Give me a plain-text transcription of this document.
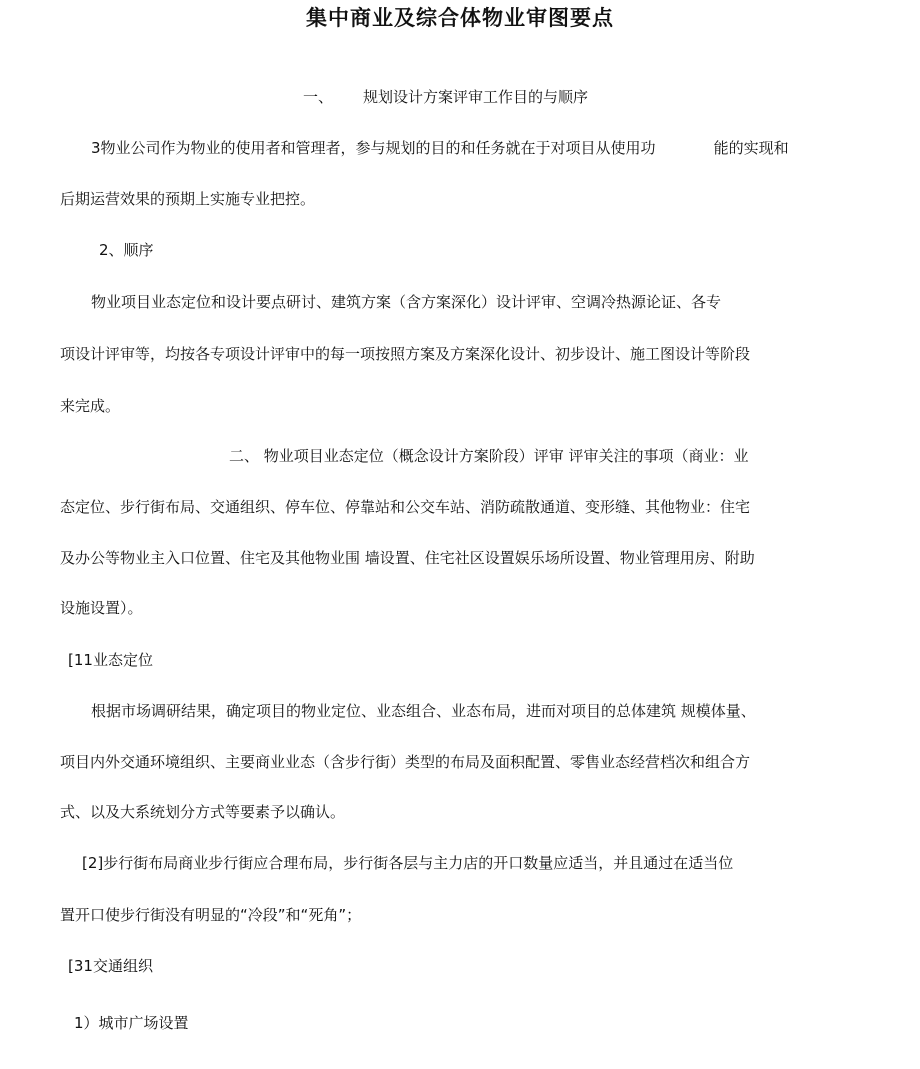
集中商业及综合体物业审图要点
一、 规划设计方案评审工作目的与顺序
3物业公司作为物业的使用者和管理者，参与规划的目的和任务就在于对项目从使用功	能的实现和
后期运营效果的预期上实施专业把控。
2、顺序
物业项目业态定位和设计要点研讨、建筑方案（含方案深化）设计评审、空调冷热源论证、各专
项设计评审等，均按各专项设计评审中的每一项按照方案及方案深化设计、初步设计、施工图设计等阶段
来完成。
二、 物业项目业态定位（概念设计方案阶段）评审 评审关注的事项（商业：业
态定位、步行街布局、交通组织、停车位、停靠站和公交车站、消防疏散通道、变形缝、其他物业：住宅
及办公等物业主入口位置、住宅及其他物业围 墙设置、住宅社区设置娱乐场所设置、物业管理用房、附助
设施设置）。
[11业态定位
根据市场调研结果，确定项目的物业定位、业态组合、业态布局，进而对项目的总体建筑 规模体量、
项目内外交通环境组织、主要商业业态（含步行街）类型的布局及面积配置、零售业态经营档次和组合方
式、以及大系统划分方式等要素予以确认。
[2]步行街布局商业步行街应合理布局，步行街各层与主力店的开口数量应适当，并且通过在适当位
置开口使步行街没有明显的“冷段”和“死角”；
[31交通组织
1）城市广场设置
